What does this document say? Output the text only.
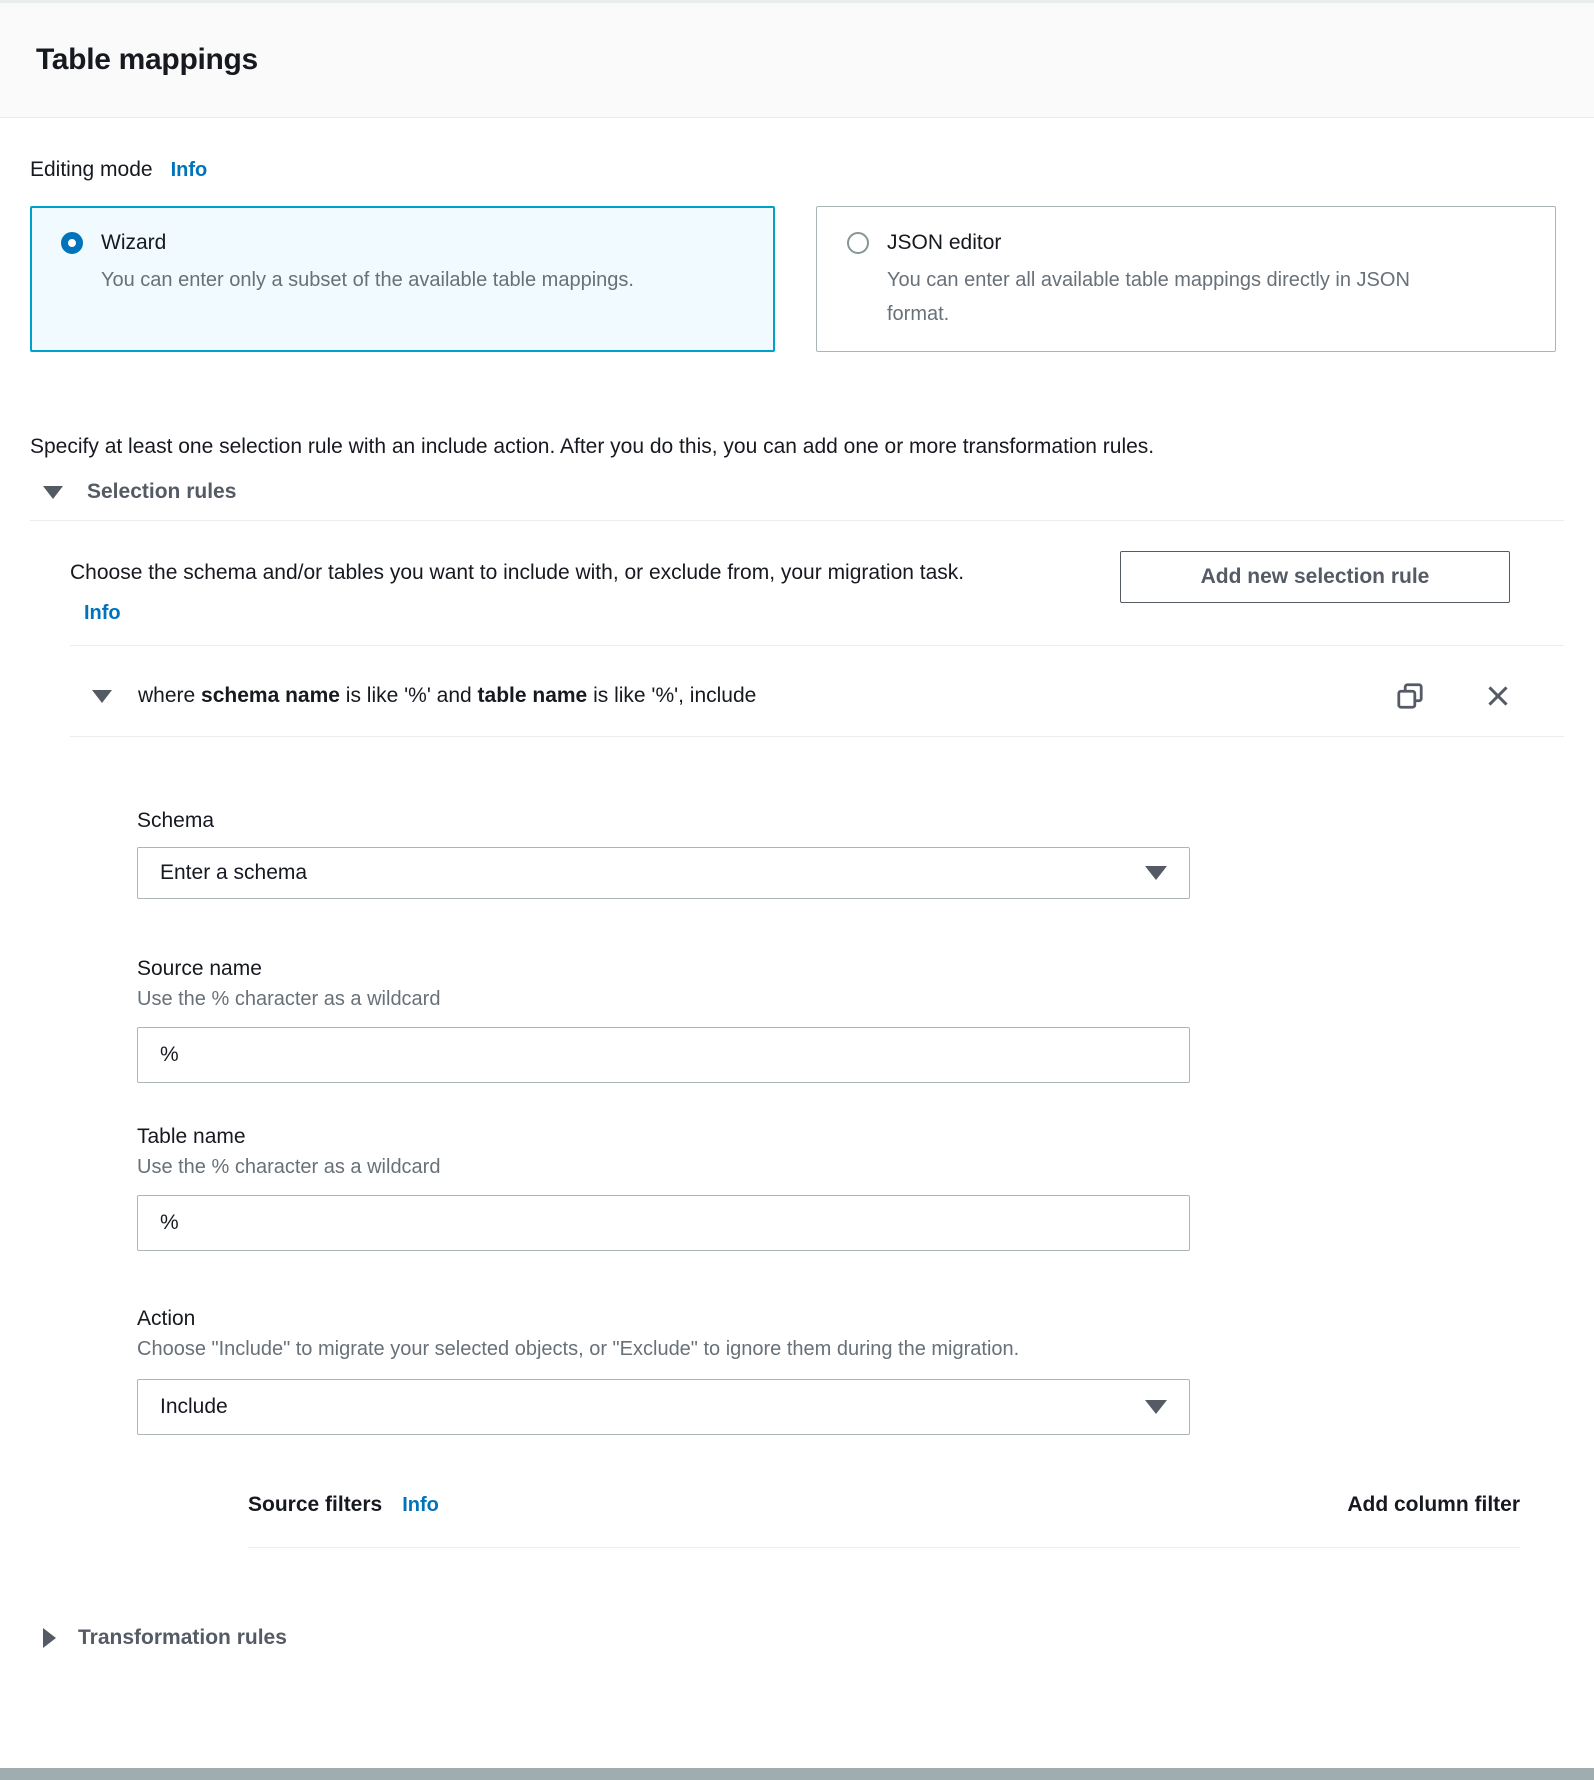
Table mappings
Editing mode Info
Wizard
You can enter only a subset of the available table mappings.
JSON editor
You can enter all available table mappings directly in JSON format.

Specify at least one selection rule with an include action. After you do this, you can add one or more transformation rules.

Selection rules

Choose the schema and/or tables you want to include with, or exclude from, your migration task. Info

Add new selection rule
where schema name is like '%' and table name is like '%', include
Schema
Enter a schema
Source name
Use the % character as a wildcard
%
Table name
Use the % character as a wildcard
%
Action
Choose "Include" to migrate your selected objects, or "Exclude" to ignore them during the migration.
Include
Source filters Info	Add column filter
Transformation rules
